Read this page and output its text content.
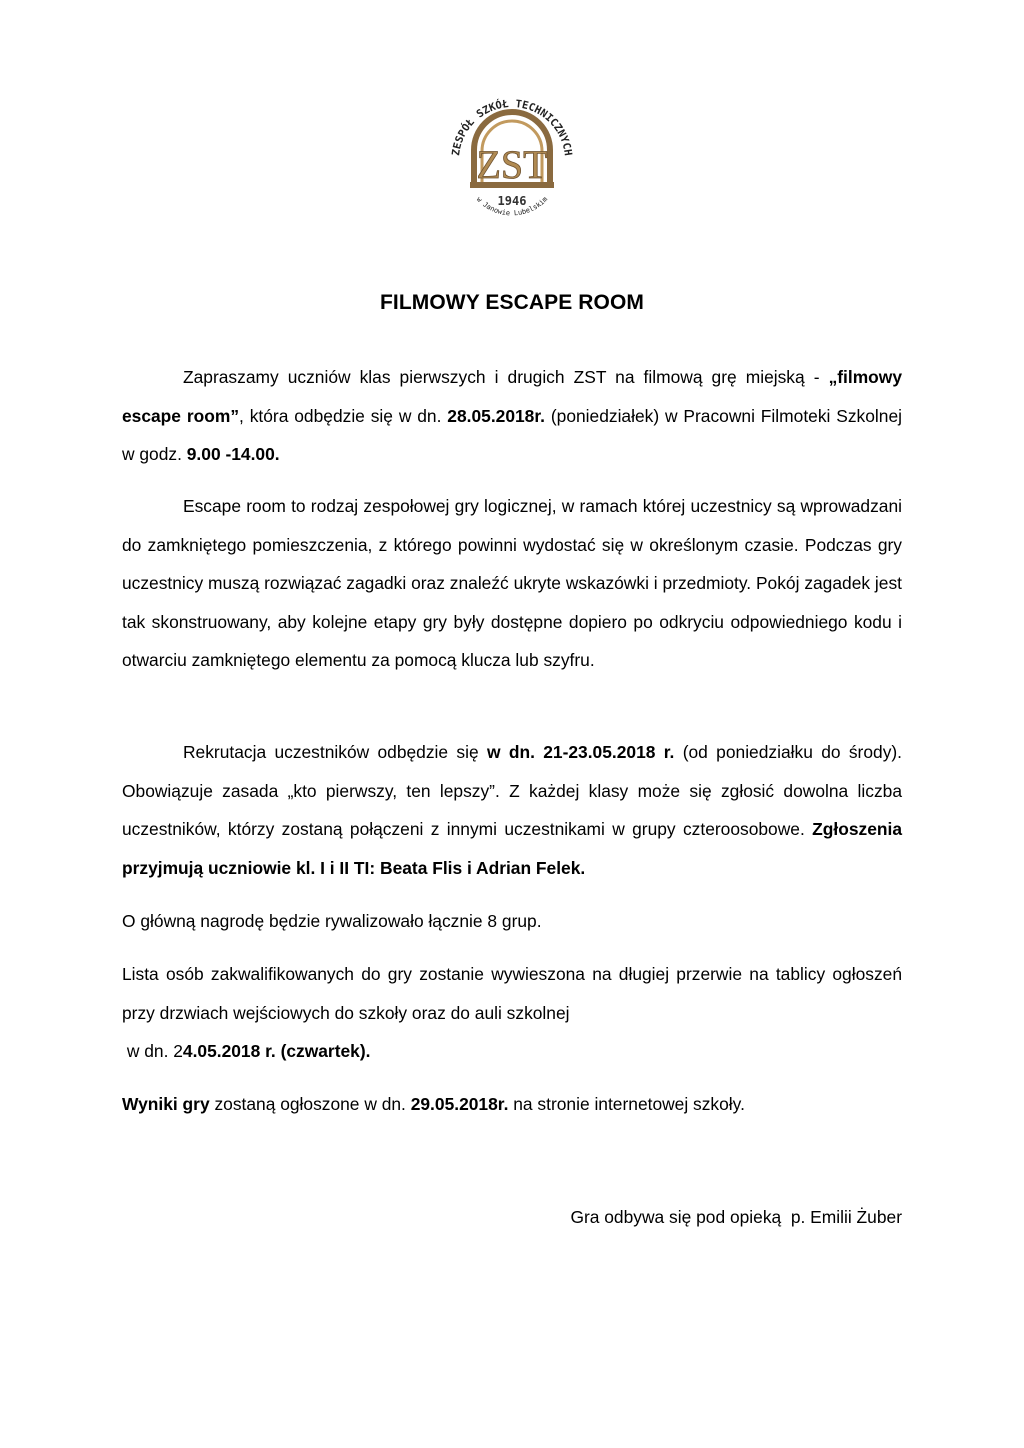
ZST
1946
ZESPÓŁ SZKÓŁ TECHNICZNYCH
w Janowie Lubelskim
FILMOWY ESCAPE ROOM
Zapraszamy uczniów klas pierwszych i drugich ZST na filmową grę miejską - „filmowy escape room”, która odbędzie się w dn. 28.05.2018r. (poniedziałek) w Pracowni Filmoteki Szkolnej w godz. 9.00 -14.00.
Escape room to rodzaj zespołowej gry logicznej, w ramach której uczestnicy są wprowadzani do zamkniętego pomieszczenia, z którego powinni wydostać się w określonym czasie. Podczas gry uczestnicy muszą rozwiązać zagadki oraz znaleźć ukryte wskazówki i przedmioty. Pokój zagadek jest tak skonstruowany, aby kolejne etapy gry były dostępne dopiero po odkryciu odpowiedniego kodu i otwarciu zamkniętego elementu za pomocą klucza lub szyfru.
Rekrutacja uczestników odbędzie się w dn. 21-23.05.2018 r. (od poniedziałku do środy). Obowiązuje zasada „kto pierwszy, ten lepszy”. Z każdej klasy może się zgłosić dowolna liczba uczestników, którzy zostaną połączeni z innymi uczestnikami w grupy czteroosobowe. Zgłoszenia przyjmują uczniowie kl. I i II TI: Beata Flis i Adrian Felek.
O główną nagrodę będzie rywalizowało łącznie 8 grup.
Lista osób zakwalifikowanych do gry zostanie wywieszona na długiej przerwie na tablicy ogłoszeń przy drzwiach wejściowych do szkoły oraz do auli szkolnej
w dn. 24.05.2018 r. (czwartek).
Wyniki gry zostaną ogłoszone w dn. 29.05.2018r. na stronie internetowej szkoły.
Gra odbywa się pod opieką  p. Emilii Żuber
